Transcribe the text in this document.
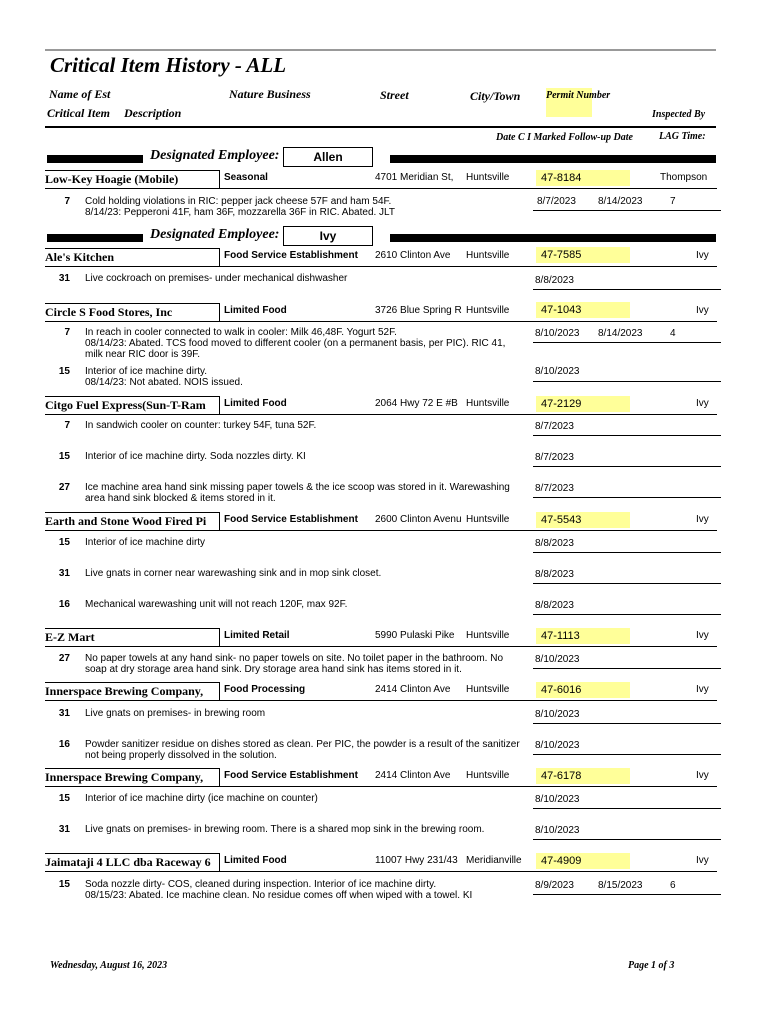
Critical Item History - ALL
Name of Est	Nature Business	Street	City/Town	Permit Number
Critical Item Description	Inspected By
Date C I Marked Follow-up Date	LAG Time:
Designated Employee:	Allen
Low-Key Hoagie (Mobile)	Seasonal	4701 Meridian St, Huntsville	47-8184	Thompson
7 Cold holding violations in RIC: pepper jack cheese 57F and ham 54F.
8/14/23: Pepperoni 41F, ham 36F, mozzarella 36F in RIC. Abated. JLT
8/7/2023 8/14/2023	7
Designated Employee:	Ivy
Ale's Kitchen	Food Service Establishment 2610 Clinton Ave Huntsville	47-7585	Ivy
31 Live cockroach on premises- under mechanical dishwasher	8/8/2023
Circle S Food Stores, Inc	Limited Food	3726 Blue Spring R Huntsville	47-1043	Ivy
7 In reach in cooler connected to walk in cooler: Milk 46,48F. Yogurt 52F.
08/14/23: Abated. TCS food moved to different cooler (on a permanent basis, per PIC). RIC 41,
milk near RIC door is 39F.
8/10/2023 8/14/2023	4
15 Interior of ice machine dirty.
08/14/23: Not abated. NOIS issued.
8/10/2023
Citgo Fuel Express(Sun-T-Ram	Limited Food	2064 Hwy 72 E #B Huntsville	47-2129	Ivy
7 In sandwich cooler on counter: turkey 54F, tuna 52F.	8/7/2023
15 Interior of ice machine dirty. Soda nozzles dirty. KI	8/7/2023
27 Ice machine area hand sink missing paper towels & the ice scoop was stored in it. Warewashing
area hand sink blocked & items stored in it.
8/7/2023
Earth and Stone Wood Fired Pi	Food Service Establishment 2600 Clinton Avenu Huntsville	47-5543	Ivy
15 Interior of ice machine dirty	8/8/2023
31 Live gnats in corner near warewashing sink and in mop sink closet.	8/8/2023
16 Mechanical warewashing unit will not reach 120F, max 92F.	8/8/2023
E-Z Mart	Limited Retail	5990 Pulaski Pike Huntsville	47-1113	Ivy
27 No paper towels at any hand sink- no paper towels on site. No toilet paper in the bathroom. No
soap at dry storage area hand sink. Dry storage area hand sink has items stored in it.
8/10/2023
Innerspace Brewing Company,	Food Processing	2414 Clinton Ave Huntsville	47-6016	Ivy
31 Live gnats on premises- in brewing room	8/10/2023
16 Powder sanitizer residue on dishes stored as clean. Per PIC, the powder is a result of the sanitizer
not being properly dissolved in the solution.
8/10/2023
Innerspace Brewing Company,	Food Service Establishment 2414 Clinton Ave Huntsville	47-6178	Ivy
15 Interior of ice machine dirty (ice machine on counter)	8/10/2023
31 Live gnats on premises- in brewing room. There is a shared mop sink in the brewing room.	8/10/2023
Jaimataji 4 LLC dba Raceway 6	Limited Food	11007 Hwy 231/43 Meridianville	47-4909	Ivy
15 Soda nozzle dirty- COS, cleaned during inspection. Interior of ice machine dirty.
08/15/23: Abated. Ice machine clean. No residue comes off when wiped with a towel. KI
8/9/2023 8/15/2023	6
Wednesday, August 16, 2023	Page 1 of 3
